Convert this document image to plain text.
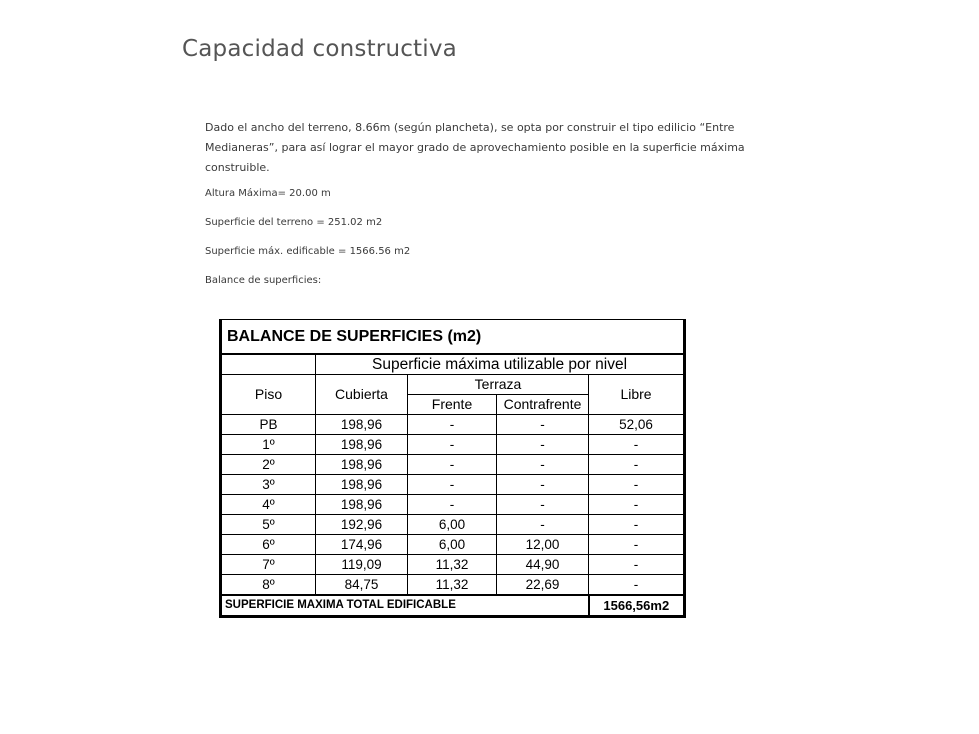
Capacidad constructiva

Dado el ancho del terreno, 8.66m (según plancheta), se opta por construir el tipo edilicio “Entre Medianeras”, para así lograr el mayor grado de aprovechamiento posible en la superficie máxima construible.

Altura Máxima= 20.00 m
Superficie del terreno = 251.02 m2
Superficie máx. edificable = 1566.56 m2
Balance de superficies:
BALANCE DE SUPERFICIES (m2)				
	Superficie máxima utilizable por nivel			
Piso	Cubierta	Terraza		Libre
		Frente	Contrafrente	
PB	198,96	-	-	52,06
1º	198,96	-	-	-
2º	198,96	-	-	-
3º	198,96	-	-	-
4º	198,96	-	-	-
5º	192,96	6,00	-	-
6º	174,96	6,00	12,00	-
7º	119,09	11,32	44,90	-
8º	84,75	11,32	22,69	-
SUPERFICIE MAXIMA TOTAL EDIFICABLE				1566,56m2
